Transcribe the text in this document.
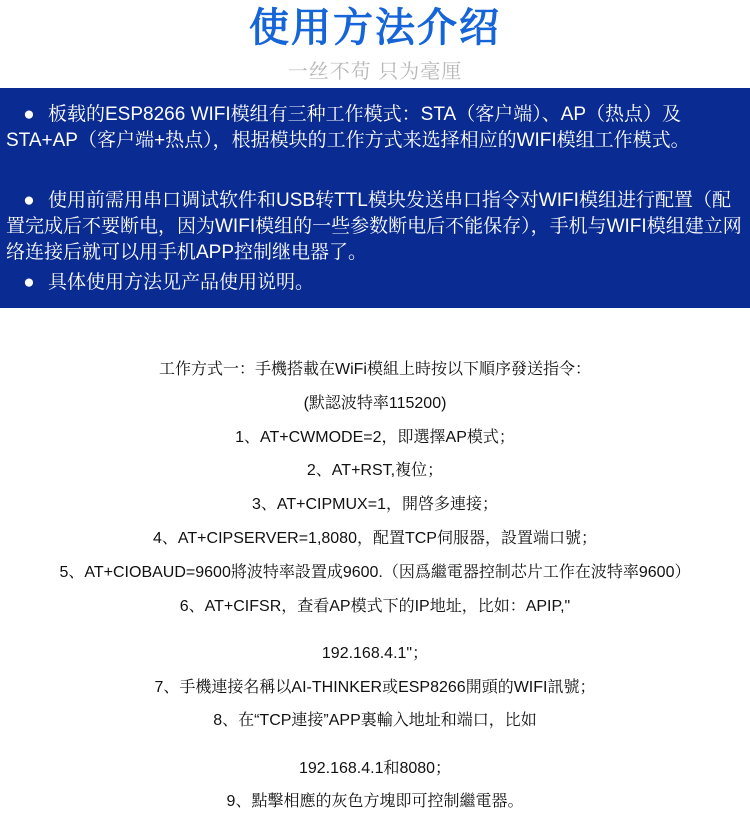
使用方法介绍
一丝不苟 只为毫厘
● 板载的ESP8266 WIFI模组有三种工作模式：STA（客户端）、AP（热点）及STA+AP（客户端+热点），根据模块的工作方式来选择相应的WIFI模组工作模式。
● 使用前需用串口调试软件和USB转TTL模块发送串口指令对WIFI模组进行配置（配置完成后不要断电，因为WIFI模组的一些参数断电后不能保存），手机与WIFI模组建立网络连接后就可以用手机APP控制继电器了。
● 具体使用方法见产品使用说明。
工作方式一：手機搭載在WiFi模組上時按以下順序發送指令：
(默認波特率115200)
1、AT+CWMODE=2，即選擇AP模式；
2、AT+RST,複位；
3、AT+CIPMUX=1，開啓多連接；
4、AT+CIPSERVER=1,8080，配置TCP伺服器，設置端口號；
5、AT+CIOBAUD=9600將波特率設置成9600.（因爲繼電器控制芯片工作在波特率9600）
6、AT+CIFSR，查看AP模式下的IP地址，比如：APIP,"
192.168.4.1"；
7、手機連接名稱以AI-THINKER或ESP8266開頭的WIFI訊號；
8、在“TCP連接”APP裏輸入地址和端口，比如
192.168.4.1和8080；
9、點擊相應的灰色方塊即可控制繼電器。
